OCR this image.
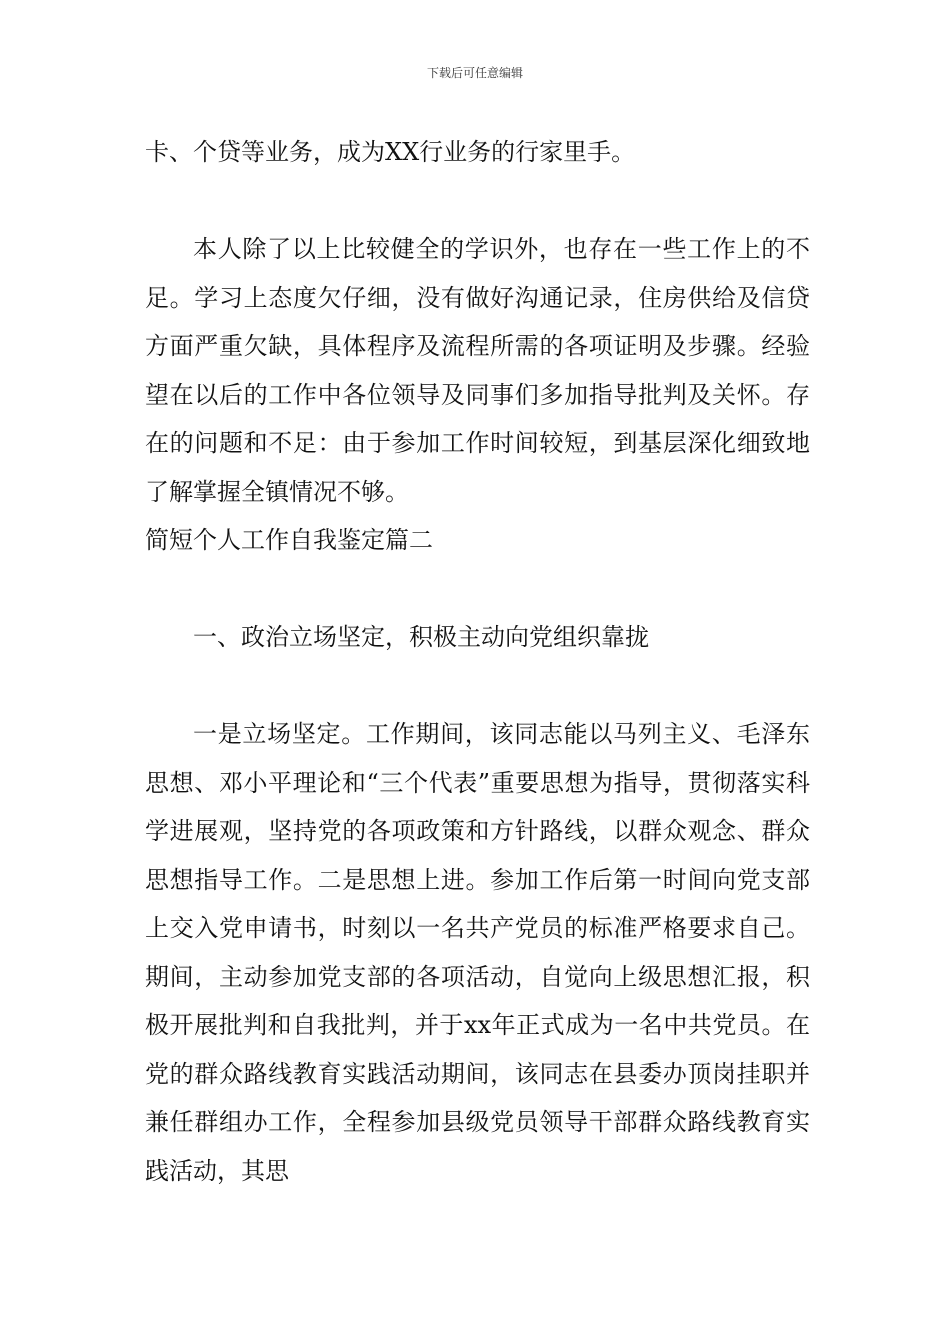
下载后可任意编辑

卡、个贷等业务，成为XX行业务的行家里手。

本人除了以上比较健全的学识外，也存在一些工作上的不足。学习上态度欠仔细，没有做好沟通记录，住房供给及信贷方面严重欠缺，具体程序及流程所需的各项证明及步骤。经验望在以后的工作中各位领导及同事们多加指导批判及关怀。存在的问题和不足：由于参加工作时间较短，到基层深化细致地了解掌握全镇情况不够。

简短个人工作自我鉴定篇二

一、政治立场坚定，积极主动向党组织靠拢

一是立场坚定。工作期间，该同志能以马列主义、毛泽东思想、邓小平理论和“三个代表”重要思想为指导，贯彻落实科学进展观，坚持党的各项政策和方针路线，以群众观念、群众思想指导工作。二是思想上进。参加工作后第一时间向党支部上交入党申请书，时刻以一名共产党员的标准严格要求自己。期间，主动参加党支部的各项活动，自觉向上级思想汇报，积极开展批判和自我批判，并于xx年正式成为一名中共党员。在党的群众路线教育实践活动期间，该同志在县委办顶岗挂职并兼任群组办工作，全程参加县级党员领导干部群众路线教育实践活动，其思
